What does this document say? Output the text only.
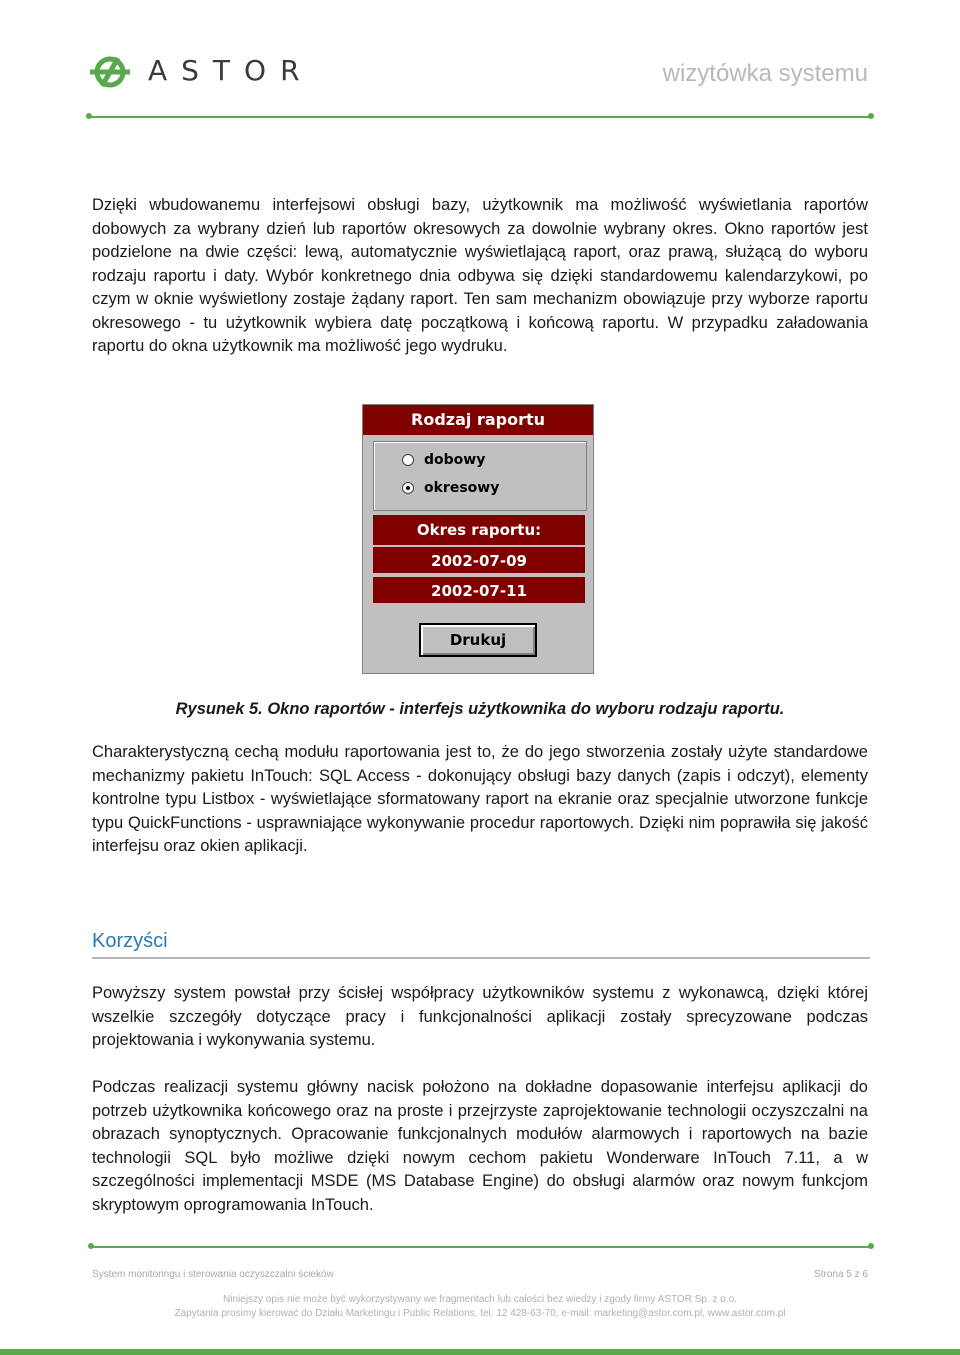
ASTOR	wizytówka systemu
Dzięki wbudowanemu interfejsowi obsługi bazy, użytkownik ma możliwość wyświetlania raportów dobowych za wybrany dzień lub raportów okresowych za dowolnie wybrany okres. Okno raportów jest podzielone na dwie części: lewą, automatycznie wyświetlającą raport, oraz prawą, służącą do wyboru rodzaju raportu i daty. Wybór konkretnego dnia odbywa się dzięki standardowemu kalendarzykowi, po czym w oknie wyświetlony zostaje żądany raport. Ten sam mechanizm obowiązuje przy wyborze raportu okresowego - tu użytkownik wybiera datę początkową i końcową raportu. W przypadku załadowania raportu do okna użytkownik ma możliwość jego wydruku.
Rodzaj raportu
dobowy
okresowy
Okres raportu:
2002-07-09
2002-07-11
Drukuj
Rysunek 5. Okno raportów - interfejs użytkownika do wyboru rodzaju raportu.
Charakterystyczną cechą modułu raportowania jest to, że do jego stworzenia zostały użyte standardowe mechanizmy pakietu InTouch: SQL Access - dokonujący obsługi bazy danych (zapis i odczyt), elementy kontrolne typu Listbox - wyświetlające sformatowany raport na ekranie oraz specjalnie utworzone funkcje typu QuickFunctions - usprawniające wykonywanie procedur raportowych. Dzięki nim poprawiła się jakość interfejsu oraz okien aplikacji.
Korzyści
Powyższy system powstał przy ścisłej współpracy użytkowników systemu z wykonawcą, dzięki której wszelkie szczegóły dotyczące pracy i funkcjonalności aplikacji zostały sprecyzowane podczas projektowania i wykonywania systemu.
Podczas realizacji systemu główny nacisk położono na dokładne dopasowanie interfejsu aplikacji do potrzeb użytkownika końcowego oraz na proste i przejrzyste zaprojektowanie technologii oczyszczalni na obrazach synoptycznych. Opracowanie funkcjonalnych modułów alarmowych i raportowych na bazie technologii SQL było możliwe dzięki nowym cechom pakietu Wonderware InTouch 7.11, a w szczególności implementacji MSDE (MS Database Engine) do obsługi alarmów oraz nowym funkcjom skryptowym oprogramowania InTouch.
System monitoringu i sterowania oczyszczalni ścieków	Strona 5 z 6
Niniejszy opis nie może być wykorzystywany we fragmentach lub całości bez wiedzy i zgody firmy ASTOR Sp. z o.o.
Zapytania prosimy kierować do Działu Marketingu i Public Relations, tel. 12 428-63-70, e-mail: marketing@astor.com.pl, www.astor.com.pl
